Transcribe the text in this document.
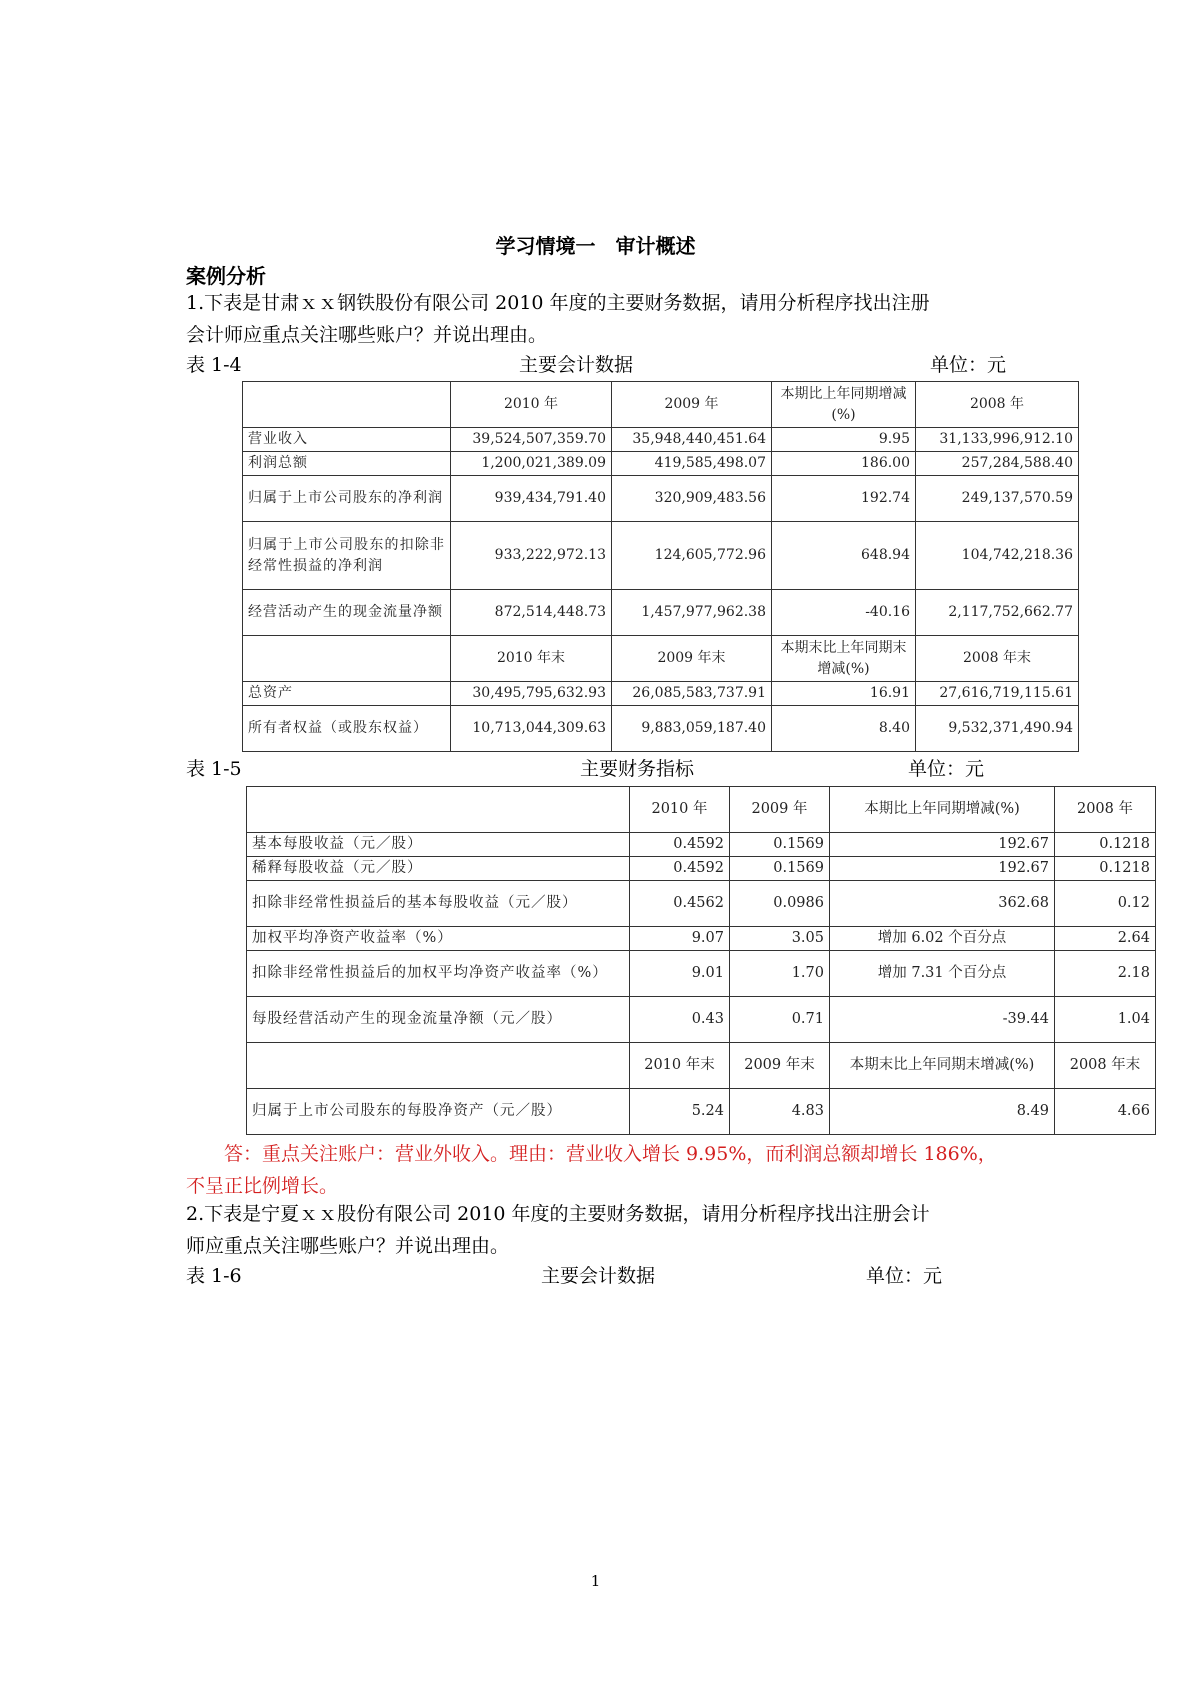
学习情境一　审计概述
案例分析
1.下表是甘肃ｘｘ钢铁股份有限公司 2010 年度的主要财务数据，请用分析程序找出注册
会计师应重点关注哪些账户？并说出理由。
表 1-4	主要会计数据	单位：元
	2010 年	2009 年	本期比上年同期增减(%)	2008 年
营业收入	39,524,507,359.70	35,948,440,451.64	9.95	31,133,996,912.10
利润总额	1,200,021,389.09	419,585,498.07	186.00	257,284,588.40
归属于上市公司股东的净利润	939,434,791.40	320,909,483.56	192.74	249,137,570.59
归属于上市公司股东的扣除非经常性损益的净利润	933,222,972.13	124,605,772.96	648.94	104,742,218.36
经营活动产生的现金流量净额	872,514,448.73	1,457,977,962.38	-40.16	2,117,752,662.77
	2010 年末	2009 年末	本期末比上年同期末增减(%)	2008 年末
总资产	30,495,795,632.93	26,085,583,737.91	16.91	27,616,719,115.61
所有者权益（或股东权益）	10,713,044,309.63	9,883,059,187.40	8.40	9,532,371,490.94
表 1-5	主要财务指标	单位：元
	2010 年	2009 年	本期比上年同期增减(%)	2008 年
基本每股收益（元／股）	0.4592	0.1569	192.67	0.1218
稀释每股收益（元／股）	0.4592	0.1569	192.67	0.1218
扣除非经常性损益后的基本每股收益（元／股）	0.4562	0.0986	362.68	0.12
加权平均净资产收益率（%）	9.07	3.05	增加 6.02 个百分点	2.64
扣除非经常性损益后的加权平均净资产收益率（%）	9.01	1.70	增加 7.31 个百分点	2.18
每股经营活动产生的现金流量净额（元／股）	0.43	0.71	-39.44	1.04
	2010 年末	2009 年末	本期末比上年同期末增减(%)	2008 年末
归属于上市公司股东的每股净资产（元／股）	5.24	4.83	8.49	4.66
答：重点关注账户：营业外收入。理由：营业收入增长 9.95%，而利润总额却增长 186%，
不呈正比例增长。
2.下表是宁夏ｘｘ股份有限公司 2010 年度的主要财务数据，请用分析程序找出注册会计
师应重点关注哪些账户？并说出理由。
表 1-6	主要会计数据	单位：元
1
